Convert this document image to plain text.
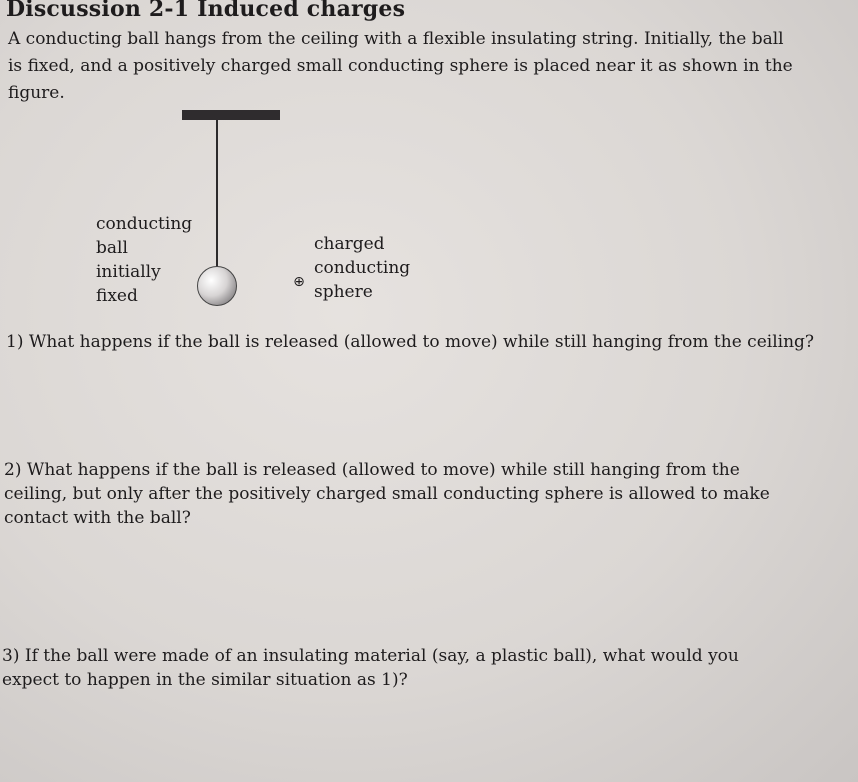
Discussion 2-1 Induced charges
A conducting ball hangs from the ceiling with a flexible insulating string. Initially, the ball
is fixed, and a positively charged small conducting sphere is placed near it as shown in the
figure.
⊕
conducting
ball
initially
fixed
charged
conducting
sphere
1) What happens if the ball is released (allowed to move) while still hanging from the ceiling?
2) What happens if the ball is released (allowed to move) while still hanging from the
ceiling, but only after the positively charged small conducting sphere is allowed to make
contact with the ball?
3) If the ball were made of an insulating material (say, a plastic ball), what would you
expect to happen in the similar situation as 1)?
